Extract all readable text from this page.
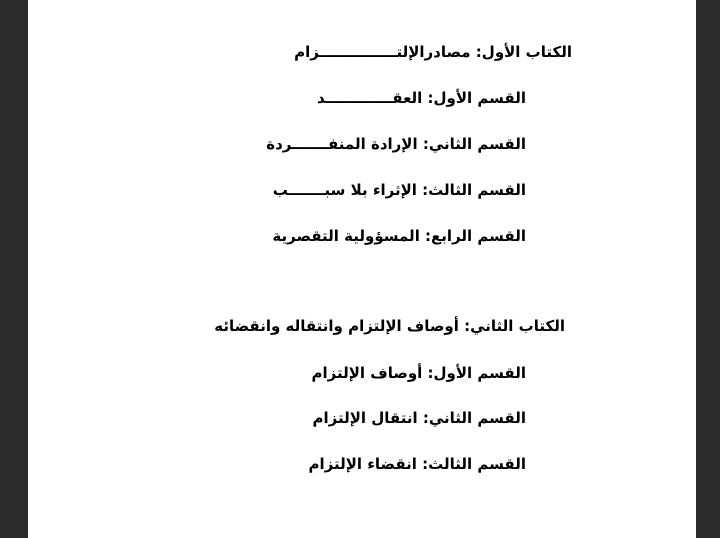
الكتاب الأول: مصادرالإلتـــــــــــــــزام
القسم الأول: العقـــــــــــــد
القسم الثاني: الإرادة المنفـــــــردة
القسم الثالث: الإثراء بلا سبـــــــب
القسم الرابع: المسؤولية التقصرية
الكتاب الثاني: أوصاف الإلتزام وانتقاله وانقضائه
القسم الأول: أوصاف الإلتزام
القسم الثاني: انتقال الإلتزام
القسم الثالث: انقضاء الإلتزام
